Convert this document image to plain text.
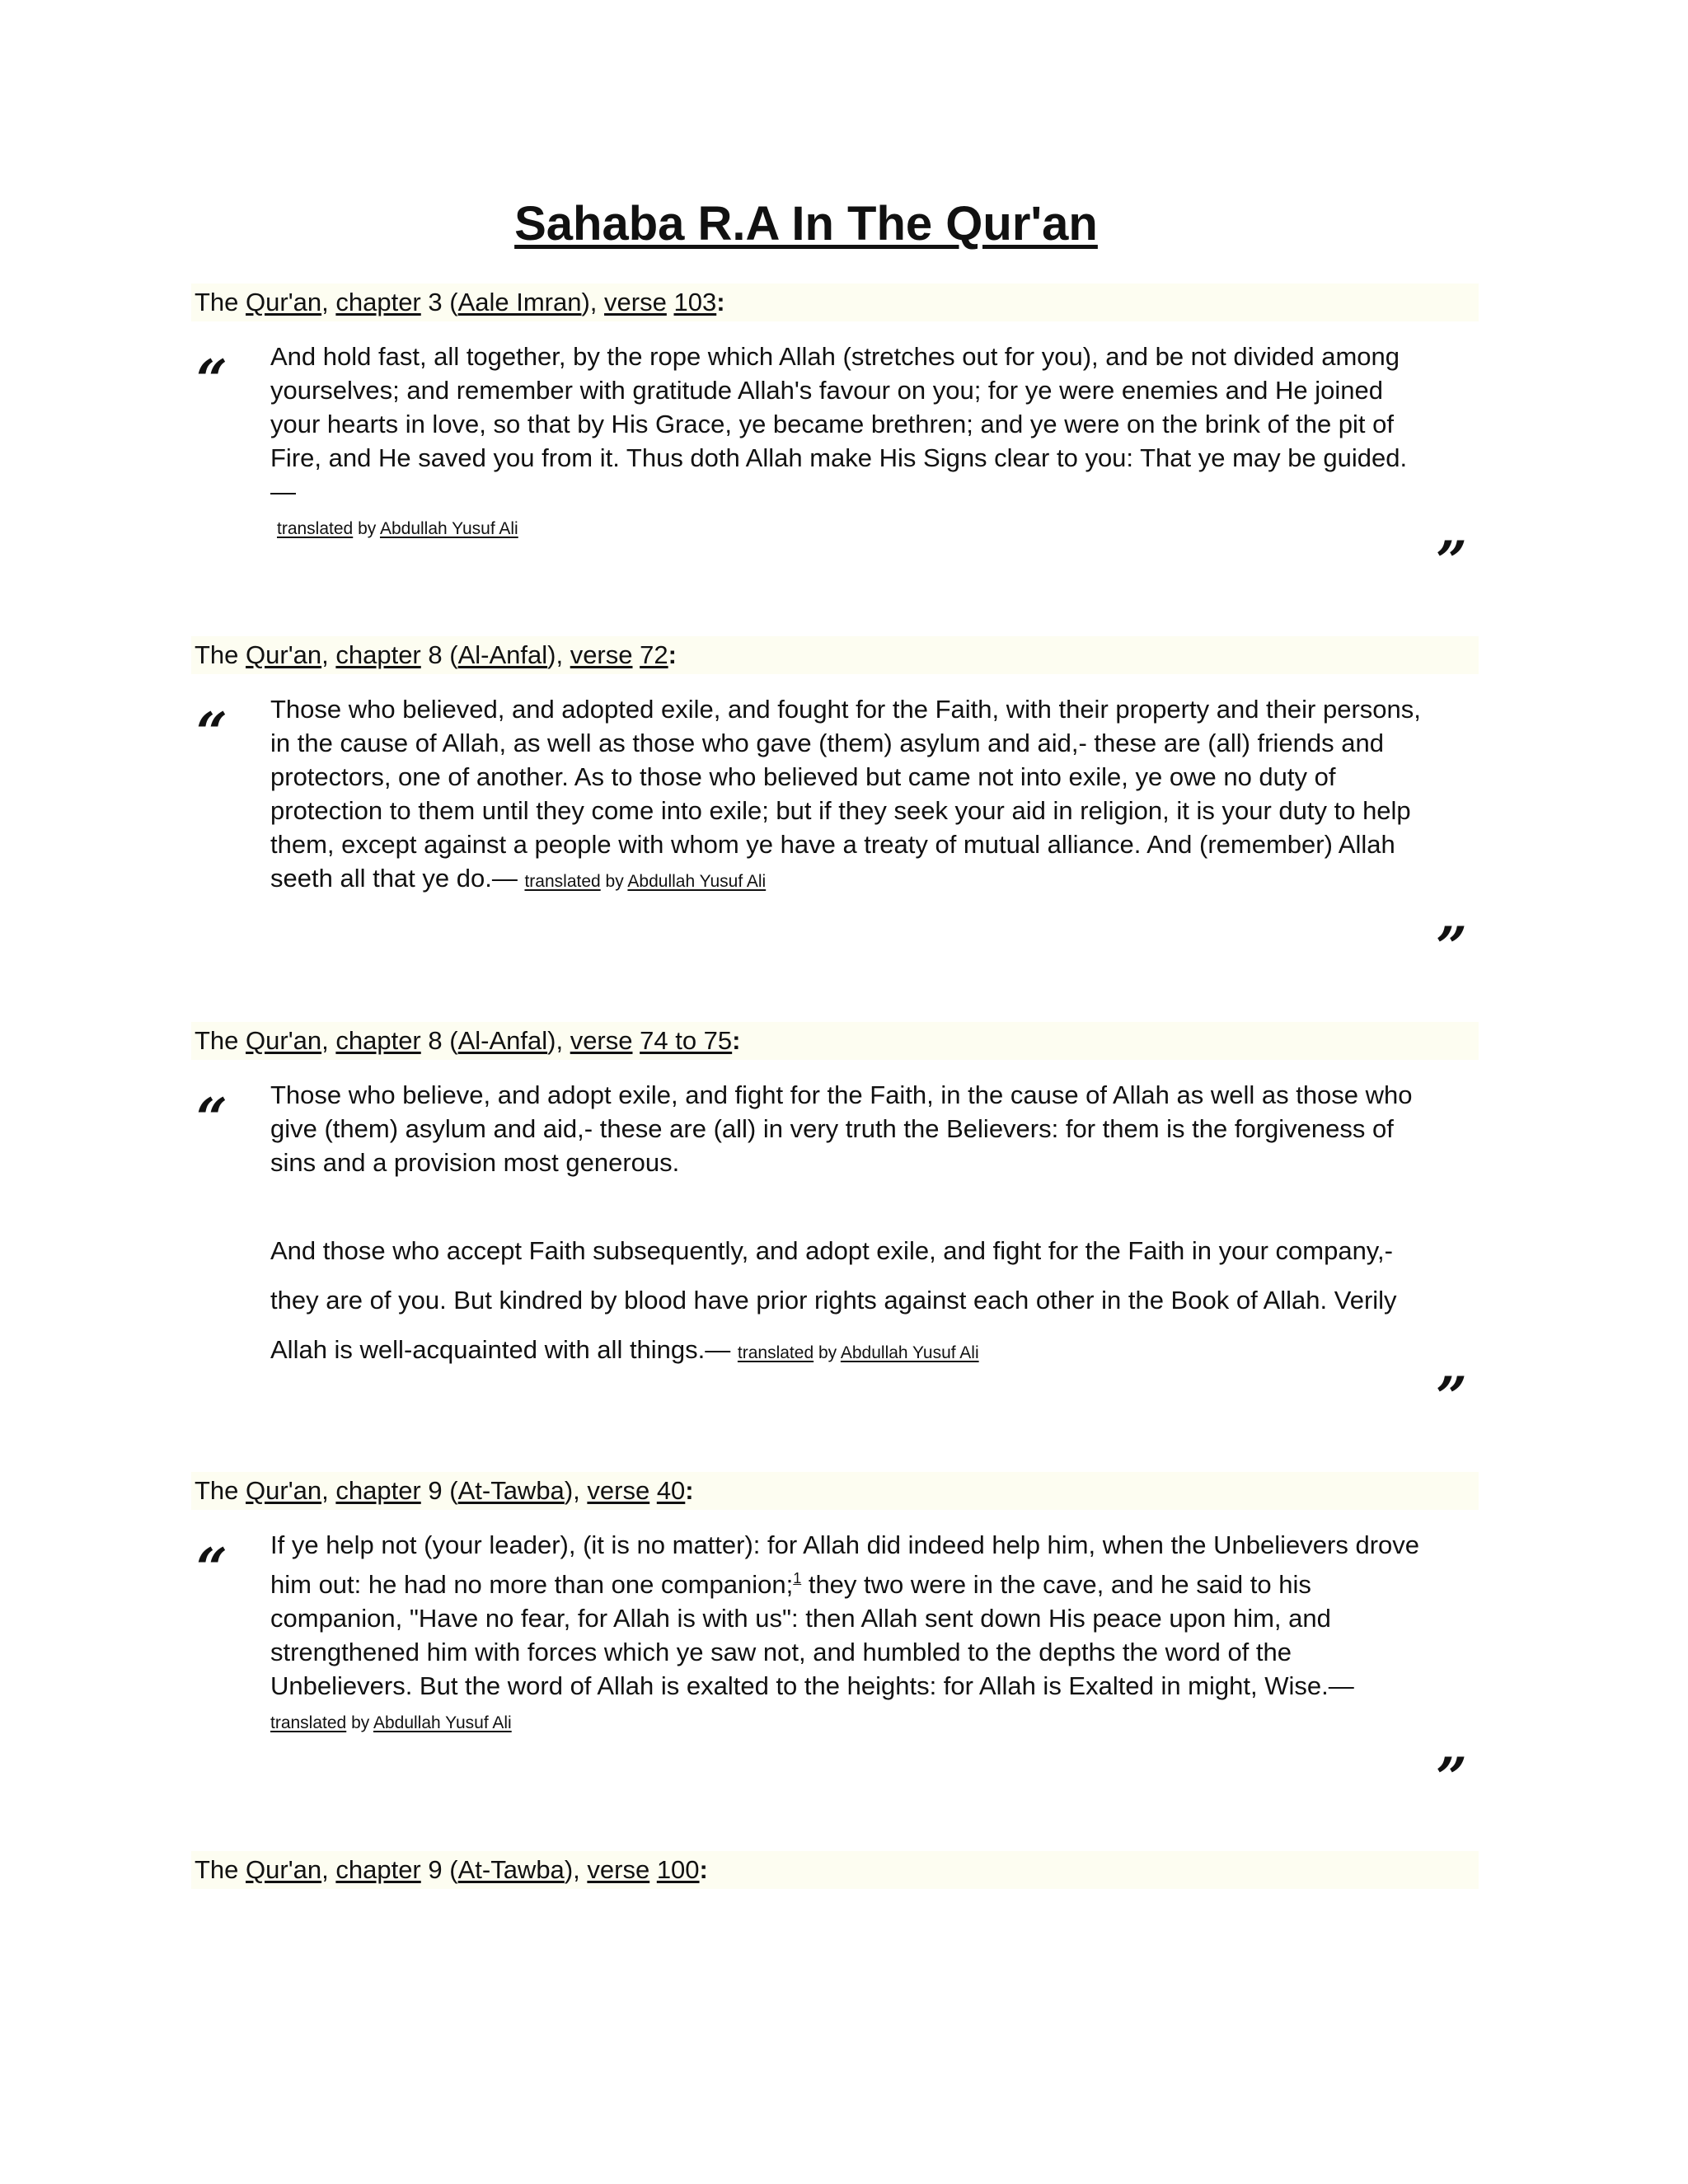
Sahaba R.A In The Qur'an
The Qur'an, chapter 3 (Aale Imran), verse 103:
“ And hold fast, all together, by the rope which Allah (stretches out for you), and be not divided among yourselves; and remember with gratitude Allah's favour on you; for ye were enemies and He joined your hearts in love, so that by His Grace, ye became brethren; and ye were on the brink of the pit of Fire, and He saved you from it. Thus doth Allah make His Signs clear to you: That ye may be guided.—
translated by Abdullah Yusuf Ali

”
The Qur'an, chapter 8 (Al-Anfal), verse 72:
“ Those who believed, and adopted exile, and fought for the Faith, with their property and their persons, in the cause of Allah, as well as those who gave (them) asylum and aid,- these are (all) friends and protectors, one of another. As to those who believed but came not into exile, ye owe no duty of protection to them until they come into exile; but if they seek your aid in religion, it is your duty to help them, except against a people with whom ye have a treaty of mutual alliance. And (remember) Allah seeth all that ye do.— translated by Abdullah Yusuf Ali

”
The Qur'an, chapter 8 (Al-Anfal), verse 74 to 75:
“ Those who believe, and adopt exile, and fight for the Faith, in the cause of Allah as well as those who give (them) asylum and aid,- these are (all) in very truth the Believers: for them is the forgiveness of sins and a provision most generous.

And those who accept Faith subsequently, and adopt exile, and fight for the Faith in your company,- they are of you. But kindred by blood have prior rights against each other in the Book of Allah. Verily Allah is well-acquainted with all things.— translated by Abdullah Yusuf Ali

”
The Qur'an, chapter 9 (At-Tawba), verse 40:
“ If ye help not (your leader), (it is no matter): for Allah did indeed help him, when the Unbelievers drove him out: he had no more than one companion;$^1$ they two were in the cave, and he said to his companion, "Have no fear, for Allah is with us": then Allah sent down His peace upon him, and strengthened him with forces which ye saw not, and humbled to the depths the word of the Unbelievers. But the word of Allah is exalted to the heights: for Allah is Exalted in might, Wise.—
translated by Abdullah Yusuf Ali

”
The Qur'an, chapter 9 (At-Tawba), verse 100:
